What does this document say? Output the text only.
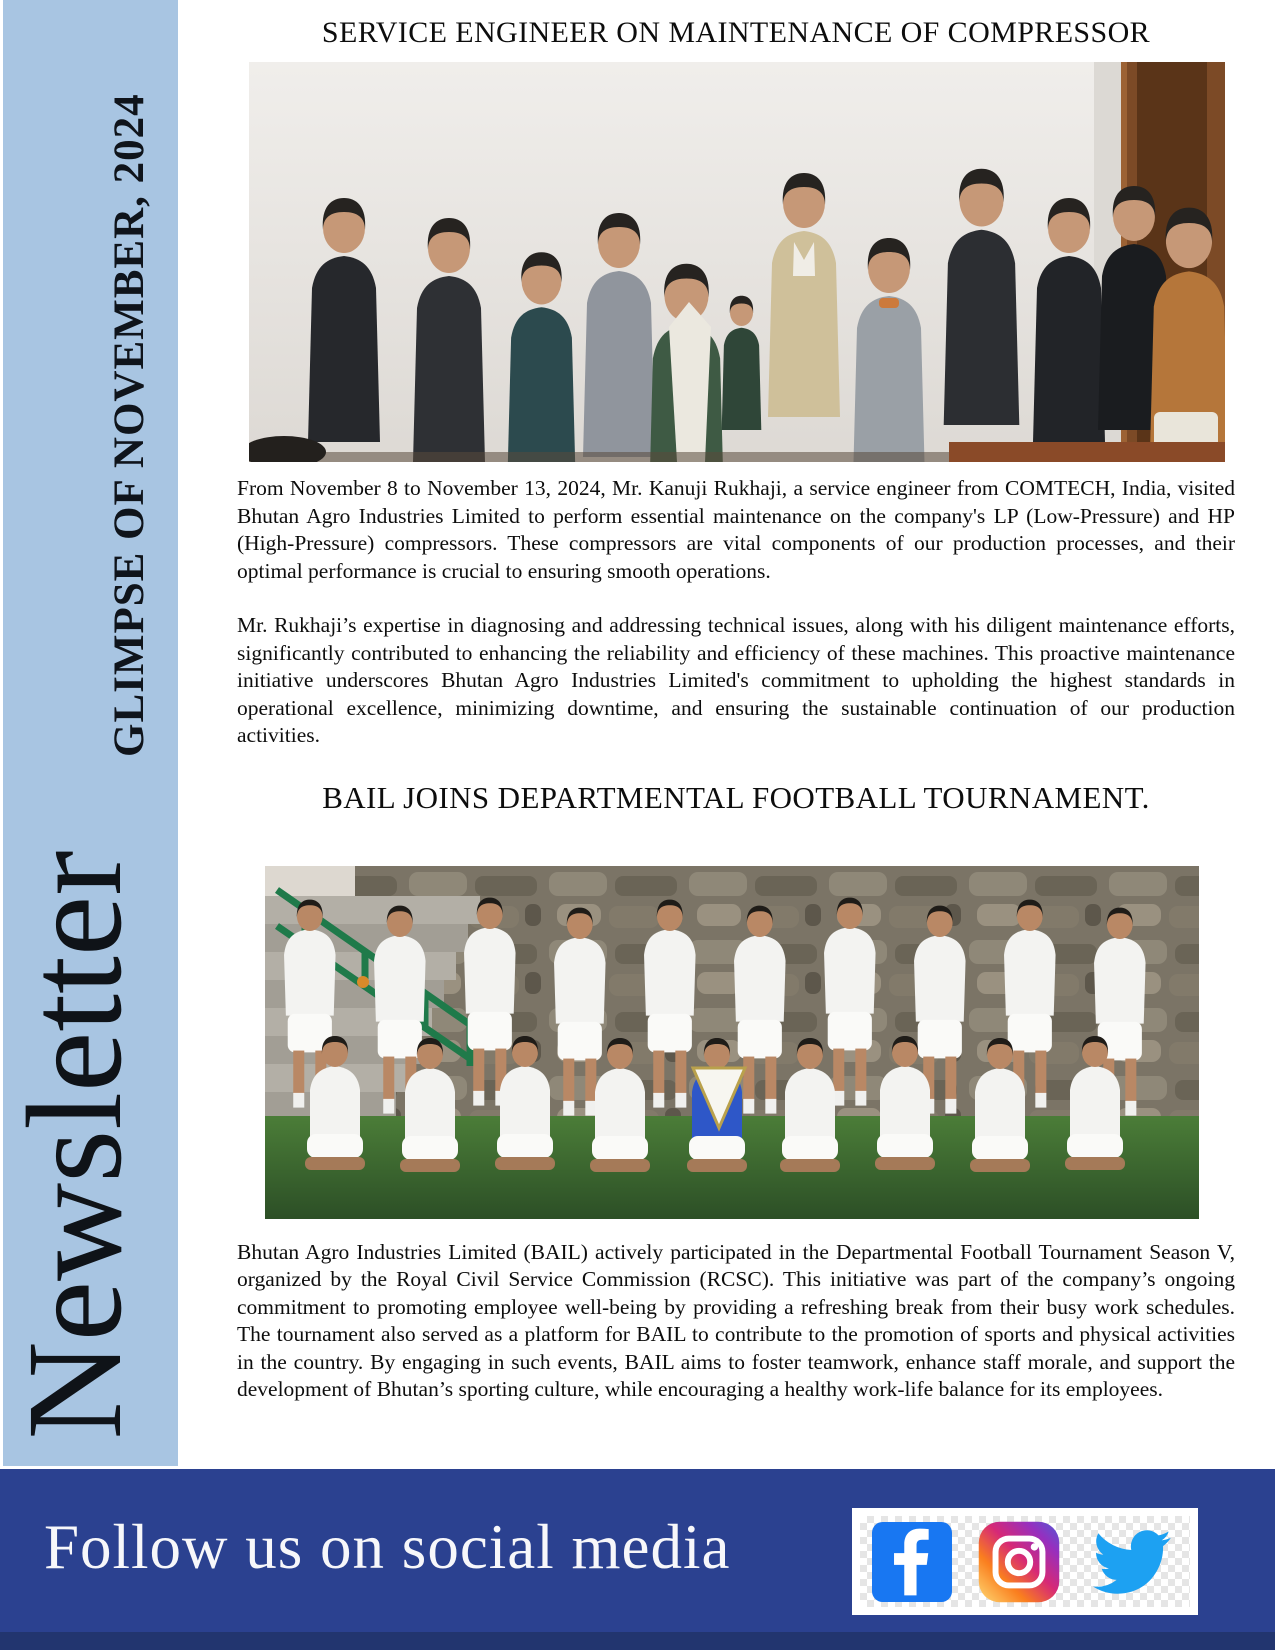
GLIMPSE OF NOVEMBER, 2024
Newsletter
SERVICE ENGINEER ON MAINTENANCE OF COMPRESSOR

From November 8 to November 13, 2024, Mr. Kanuji Rukhaji, a service engineer from COMTECH, India, visited Bhutan Agro Industries Limited to perform essential maintenance on the company's LP (Low-Pressure) and HP (High-Pressure) compressors. These compressors are vital components of our production processes, and their optimal performance is crucial to ensuring smooth operations.

Mr. Rukhaji’s expertise in diagnosing and addressing technical issues, along with his diligent maintenance efforts, significantly contributed to enhancing the reliability and efficiency of these machines. This proactive maintenance initiative underscores Bhutan Agro Industries Limited's commitment to upholding the highest standards in operational excellence, minimizing downtime, and ensuring the sustainable continuation of our production activities.

BAIL JOINS DEPARTMENTAL FOOTBALL TOURNAMENT.

Bhutan Agro Industries Limited (BAIL) actively participated in the Departmental Football Tournament Season V, organized by the Royal Civil Service Commission (RCSC). This initiative was part of the company’s ongoing commitment to promoting employee well-being by providing a refreshing break from their busy work schedules. The tournament also served as a platform for BAIL to contribute to the promotion of sports and physical activities in the country. By engaging in such events, BAIL aims to foster teamwork, enhance staff morale, and support the development of Bhutan’s sporting culture, while encouraging a healthy work-life balance for its employees.

Follow us on social media
